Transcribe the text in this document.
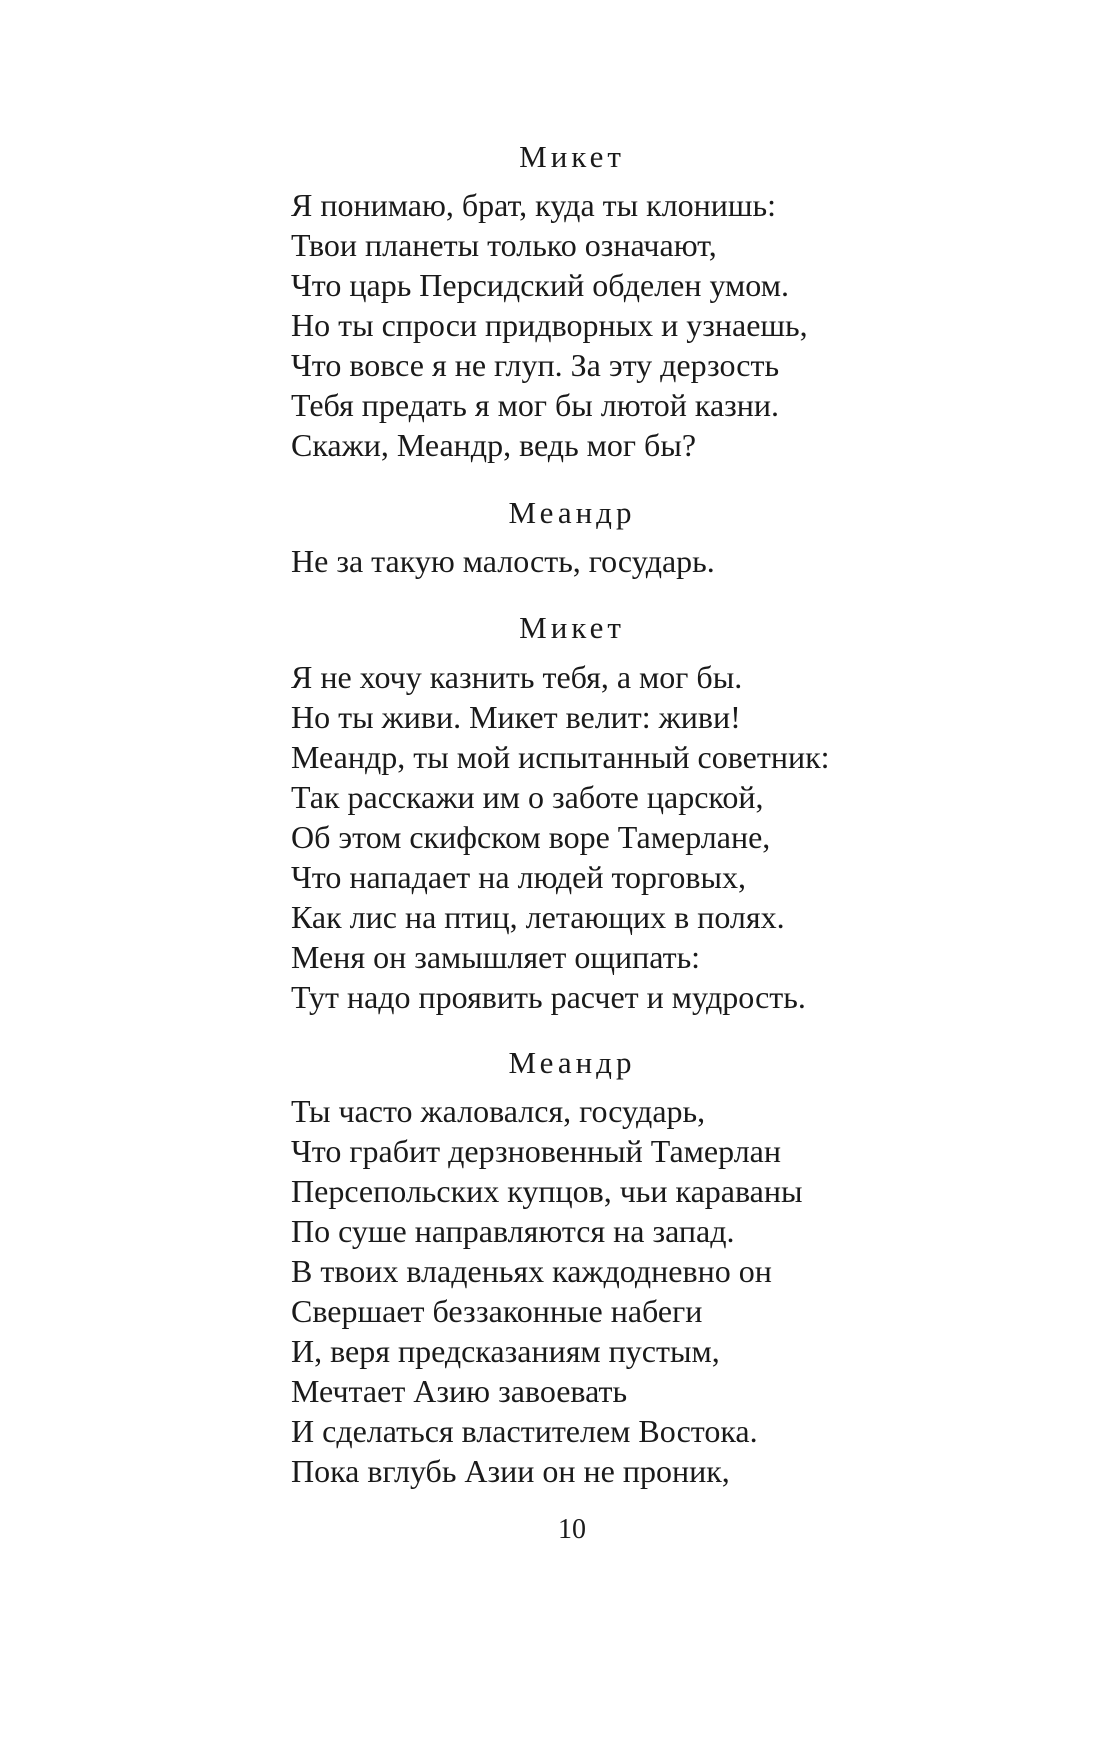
Микет
Я понимаю, брат, куда ты клонишь:
Твои планеты только означают,
Что царь Персидский обделен умом.
Но ты спроси придворных и узнаешь,
Что вовсе я не глуп. За эту дерзость
Тебя предать я мог бы лютой казни.
Скажи, Меандр, ведь мог бы?
Меандр
Не за такую малость, государь.
Микет
Я не хочу казнить тебя, а мог бы.
Но ты живи. Микет велит: живи!
Меандр, ты мой испытанный советник:
Так расскажи им о заботе царской,
Об этом скифском воре Тамерлане,
Что нападает на людей торговых,
Как лис на птиц, летающих в полях.
Меня он замышляет ощипать:
Тут надо проявить расчет и мудрость.
Меандр
Ты часто жаловался, государь,
Что грабит дерзновенный Тамерлан
Персепольских купцов, чьи караваны
По суше направляются на запад.
В твоих владеньях каждодневно он
Свершает беззаконные набеги
И, веря предсказаниям пустым,
Мечтает Азию завоевать
И сделаться властителем Востока.
Пока вглубь Азии он не проник,
10
